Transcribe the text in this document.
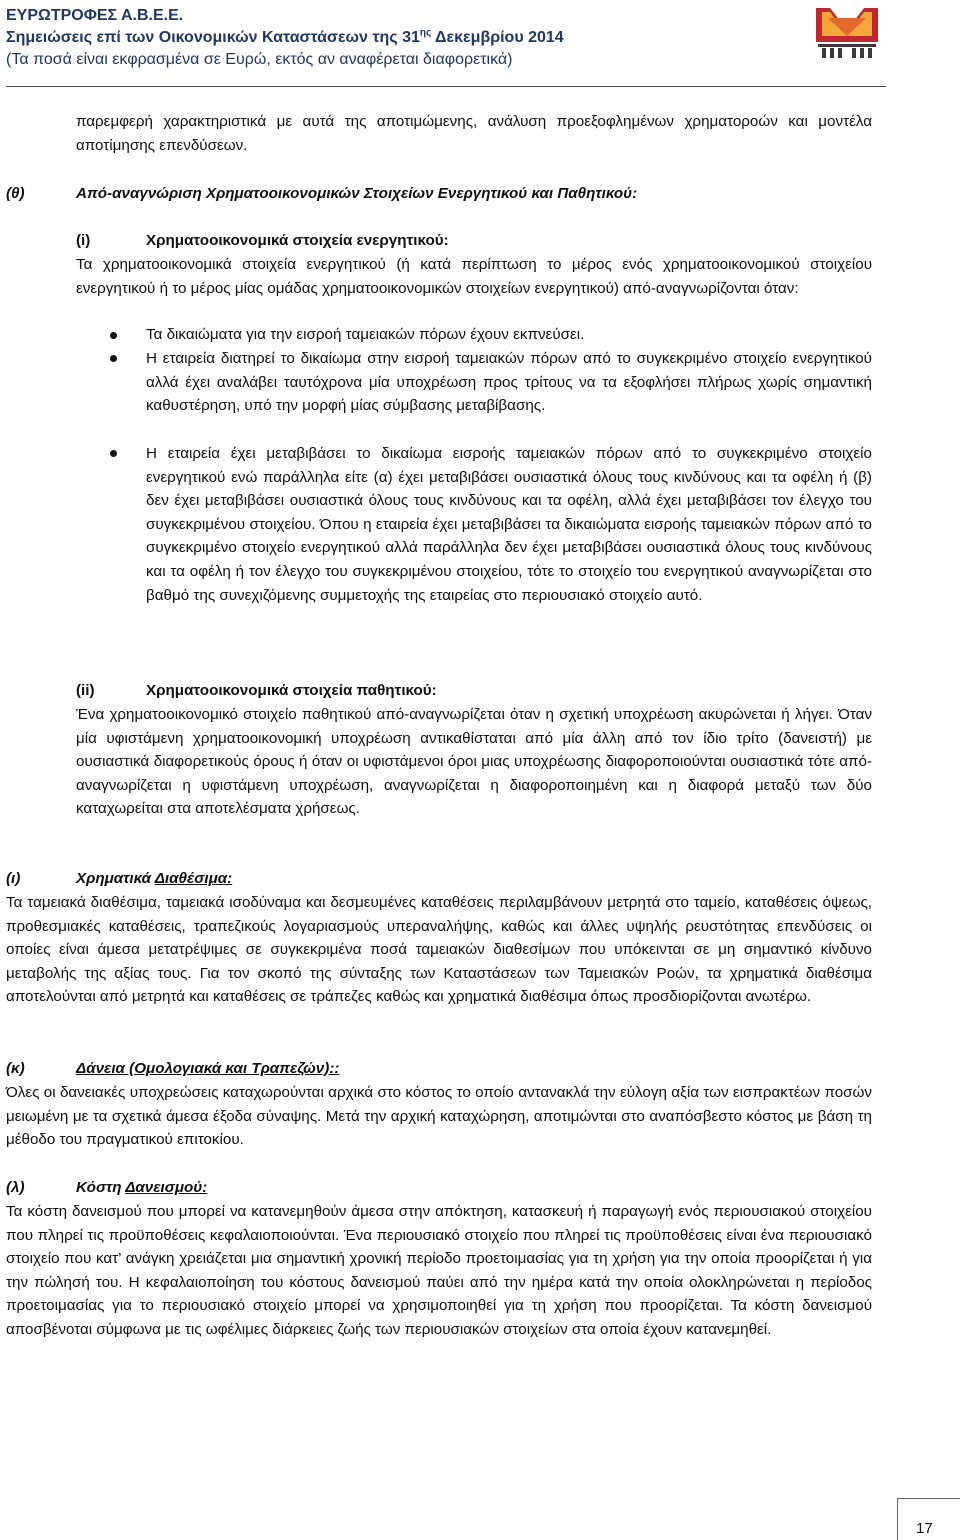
ΕΥΡΩΤΡΟΦΕΣ Α.Β.Ε.Ε.
Σημειώσεις επί των Οικονομικών Καταστάσεων της $31^{\eta\varsigma}$ Δεκεμβρίου 2014
(Τα ποσά είναι εκφρασμένα σε Ευρώ, εκτός αν αναφέρεται διαφορετικά)

παρεμφερή χαρακτηριστικά με αυτά της αποτιμώμενης, ανάλυση προεξοφλημένων χρηματοροών και μοντέλα αποτίμησης επενδύσεων.

(θ)	Από-αναγνώριση Χρηματοοικονομικών Στοιχείων Ενεργητικού και Παθητικού:
(i)	Χρηματοοικονομικά στοιχεία ενεργητικού:

Τα χρηματοοικονομικά στοιχεία ενεργητικού (ή κατά περίπτωση το μέρος ενός χρηματοοικονομικού στοιχείου ενεργητικού ή το μέρος μίας ομάδας χρηματοοικονομικών στοιχείων ενεργητικού) από-αναγνωρίζονται όταν:

Τα δικαιώματα για την εισροή ταμειακών πόρων έχουν εκπνεύσει.

Η εταιρεία διατηρεί το δικαίωμα στην εισροή ταμειακών πόρων από το συγκεκριμένο στοιχείο ενεργητικού αλλά έχει αναλάβει ταυτόχρονα μία υποχρέωση προς τρίτους να τα εξοφλήσει πλήρως χωρίς σημαντική καθυστέρηση, υπό την μορφή μίας σύμβασης μεταβίβασης.

Η εταιρεία έχει μεταβιβάσει το δικαίωμα εισροής ταμειακών πόρων από το συγκεκριμένο στοιχείο ενεργητικού ενώ παράλληλα είτε (α) έχει μεταβιβάσει ουσιαστικά όλους τους κινδύνους και τα οφέλη ή (β) δεν έχει μεταβιβάσει ουσιαστικά όλους τους κινδύνους και τα οφέλη, αλλά έχει μεταβιβάσει τον έλεγχο του συγκεκριμένου στοιχείου. Όπου η εταιρεία έχει μεταβιβάσει τα δικαιώματα εισροής ταμειακών πόρων από το συγκεκριμένο στοιχείο ενεργητικού αλλά παράλληλα δεν έχει μεταβιβάσει ουσιαστικά όλους τους κινδύνους και τα οφέλη ή τον έλεγχο του συγκεκριμένου στοιχείου, τότε το στοιχείο του ενεργητικού αναγνωρίζεται στο βαθμό της συνεχιζόμενης συμμετοχής της εταιρείας στο περιουσιακό στοιχείο αυτό.

(ii)	Χρηματοοικονομικά στοιχεία παθητικού:

Ένα χρηματοοικονομικό στοιχείο παθητικού από-αναγνωρίζεται όταν η σχετική υποχρέωση ακυρώνεται ή λήγει. Όταν μία υφιστάμενη χρηματοοικονομική υποχρέωση αντικαθίσταται από μία άλλη από τον ίδιο τρίτο (δανειστή) με ουσιαστικά διαφορετικούς όρους ή όταν οι υφιστάμενοι όροι μιας υποχρέωσης διαφοροποιούνται ουσιαστικά τότε από-αναγνωρίζεται η υφιστάμενη υποχρέωση, αναγνωρίζεται η διαφοροποιημένη και η διαφορά μεταξύ των δύο καταχωρείται στα αποτελέσματα χρήσεως.

(ι)	Χρηματικά Διαθέσιμα:

Τα ταμειακά διαθέσιμα, ταμειακά ισοδύναμα και δεσμευμένες καταθέσεις περιλαμβάνουν μετρητά στο ταμείο, καταθέσεις όψεως, προθεσμιακές καταθέσεις, τραπεζικούς λογαριασμούς υπεραναλήψης, καθώς και άλλες υψηλής ρευστότητας επενδύσεις οι οποίες είναι άμεσα μετατρέψιμες σε συγκεκριμένα ποσά ταμειακών διαθεσίμων που υπόκεινται σε μη σημαντικό κίνδυνο μεταβολής της αξίας τους. Για τον σκοπό της σύνταξης των Καταστάσεων των Ταμειακών Ροών, τα χρηματικά διαθέσιμα αποτελούνται από μετρητά και καταθέσεις σε τράπεζες καθώς και χρηματικά διαθέσιμα όπως προσδιορίζονται ανωτέρω.

(κ)	Δάνεια (Ομολογιακά και Τραπεζών)::

Όλες οι δανειακές υποχρεώσεις καταχωρούνται αρχικά στο κόστος το οποίο αντανακλά την εύλογη αξία των εισπρακτέων ποσών μειωμένη με τα σχετικά άμεσα έξοδα σύναψης. Μετά την αρχική καταχώρηση, αποτιμώνται στο αναπόσβεστο κόστος με βάση τη μέθοδο του πραγματικού επιτοκίου.

(λ)	Κόστη Δανεισμού:

Τα κόστη δανεισμού που μπορεί να κατανεμηθούν άμεσα στην απόκτηση, κατασκευή ή παραγωγή ενός περιουσιακού στοιχείου που πληρεί τις προϋποθέσεις κεφαλαιοποιούνται. Ένα περιουσιακό στοιχείο που πληρεί τις προϋποθέσεις είναι ένα περιουσιακό στοιχείο που κατ’ ανάγκη χρειάζεται μια σημαντική χρονική περίοδο προετοιμασίας για τη χρήση για την οποία προορίζεται ή για την πώλησή του. Η κεφαλαιοποίηση του κόστους δανεισμού παύει από την ημέρα κατά την οποία ολοκληρώνεται η περίοδος προετοιμασίας για το περιουσιακό στοιχείο μπορεί να χρησιμοποιηθεί για τη χρήση που προορίζεται. Τα κόστη δανεισμού αποσβένοται σύμφωνα με τις ωφέλιμες διάρκειες ζωής των περιουσιακών στοιχείων στα οποία έχουν κατανεμηθεί.

17
